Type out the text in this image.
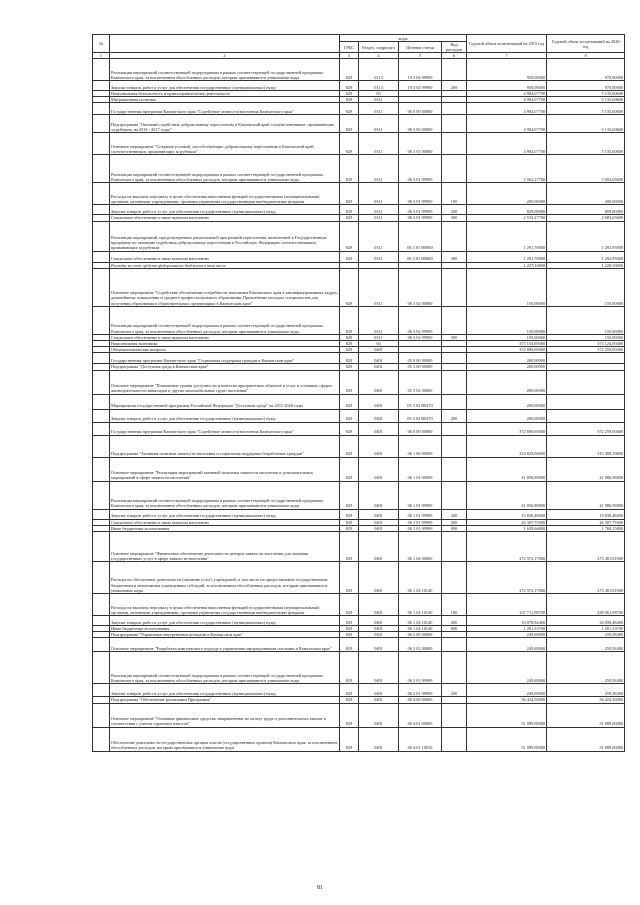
№		коды				Годовой объем ассигнований на 2019 год	Годовой объем ассигнований на 2020 год
		ГРБС	Раздел, подраздел	Целевая статья	Вид расходов		
1	2	3	4	5	6	7	8
	Реализация мероприятий соответствующей подпрограммы в рамках соответствующей государственной программы Камчатского края, за исключением обособленных расходов, которым присваиваются уникальные коды	829	0113	19 3 04 99990		950,00000	970,00000
	Закупка товаров, работ и услуг для обеспечения государственных (муниципальных) нужд	829	0113	19 3 04 99990	200	950,00000	970,00000
	Национальная безопасность и правоохранительная деятельность	829	03			4 984,07700	5 135,60600
	Миграционная политика	829	0311			4 984,07700	5 135,60600
	Государственная программа Камчатского края "Содействие занятости населения Камчатского края"	829	0311	06 0 00 00000		4 984,07700	5 135,60600
	Подпрограмма "Оказание содействия добровольному переселению в Камчатский край соотечественников, проживающих за рубежом, на 2014 - 2017 годы"	829	0311	06 3 00 00000		4 984,07700	5 135,60600
	Основное мероприятие "Создание условий, способствующих добровольному переселению в Камчатский край соотечественников, проживающих за рубежом"	829	0311	06 3 01 00000		4 984,07700	5 135,60600
	Реализация мероприятий соответствующей подпрограммы в рамках соответствующей государственной программы Камчатского края, за исключением обособленных расходов, которым присваиваются уникальные коды	829	0311	06 3 01 99990		3 562,27700	3 692,65600
	Расходы на выплаты персоналу в целях обеспечения выполнения функций государственными (муниципальными) органами, казенными учреждениями, органами управления государственными внебюджетными фондами	829	0311	06 3 01 99990	100	200,00000	200,00000
	Закупка товаров, работ и услуг для обеспечения государственных (муниципальных) нужд	829	0311	06 3 01 99990	200	829,00000	809,00000
	Социальное обеспечение и иные выплаты населению	829	0311	06 3 01 99990	300	2 533,27700	2 683,65600
	Реализация мероприятий, предусмотренных региональной программой переселения, включенной в Государственную программу по оказанию содействия добровольному переселению в Российскую Федерацию соотечественников, проживающих за рубежом	829	0311	06 3 01 R0860		1 291,70000	1 292,95000
	Социальное обеспечение и иные выплаты населению	829	0311	06 3 01 R0860	300	1 291,70000	1 292,95000
	Расходы за счет средств федерального бюджета в том числе					1 227,10000	1 228,30000
	Основное мероприятие "Содействие обеспечению потребности экономики Камчатского края в квалифицированных кадрах, дальнейшему повышению и среднего профессионального образования. Привлечение молодых специалистов для получения образования в образовательных организациях в Камчатском крае"	829	0311	06 3 02 00000		150,00000	150,00000
	Реализация мероприятий соответствующей подпрограммы в рамках соответствующей государственной программы Камчатского края, за исключением обособленных расходов, которым присваиваются уникальные коды	829	0311	06 3 02 99990		150,00000	150,00000
	Социальное обеспечение и иные выплаты населению	829	0311	06 3 02 99990	300	150,00000	150,00000
	Национальная экономика	829	04			375 154,69360	373 124,00400
	Общеэкономические вопросы	829	0401			372 889,69360	372 259,00400
	Государственная программа Камчатского края "Социальная поддержка граждан в Камчатском крае"	829	0401	05 0 00 00000		200,00000	
	Подпрограмма "Доступная среда в Камчатском крае"	829	0401	05 3 00 00000		200,00000	
	Основное мероприятие "Повышение уровня доступности и качества приоритетных объектов и услуг в основных сферах жизнедеятельности инвалидов и других маломобильных групп населения"	829	0401	05 3 02 00000		200,00000	
	Мероприятия государственной программы Российской Федерации "Доступная среда" на 2011-2020 годы	829	0401	05 3 02 R0270		200,00000	
	Закупка товаров, работ и услуг для обеспечения государственных (муниципальных) нужд	829	0401	05 3 02 R0270	200	200,00000	
	Государственная программа Камчатского края "Содействие занятости населения Камчатского края"	829	0401	06 0 00 00000		372 689,69360	372 259,00400
	Подпрограмма "Активная политика занятости населения и социальная поддержка безработных граждан"	829	0401	06 1 00 00000		314 829,06800	315 388,39800
	Основное мероприятие "Реализация мероприятий активной политики занятости населения и дополнительных мероприятий в сфере занятости населения"	829	0401	06 1 01 00000		41 856,89800	41 986,58800
	Реализация мероприятий соответствующей подпрограммы в рамках соответствующей государственной программы Камчатского края, за исключением обособленных расходов, которым присваиваются уникальные коды	829	0401	06 1 01 99990		41 856,89800	41 986,58800
	Закупка товаров, работ и услуг для обеспечения государственных (муниципальных) нужд	829	0401	06 1 01 99990	200	13 830,48000	13 830,48000
	Социальное обеспечение и иные выплаты населению	829	0401	06 1 01 99990	300	26 387,75000	26 387,75000
	Иные бюджетные ассигнования	829	0401	06 1 01 99990	800	1 638,66800	1 768,35800
	Основное мероприятие "Финансовое обеспечение деятельности центров занятости населения для оказания государственных услуг в сфере занятости населения"	829	0401	06 1 04 00000		272 972,17000	273 401,81000
	Расходы на обеспечение деятельности (оказание услуг) учреждений, в том числе на предоставление государственным бюджетным и автономным учреждениям субсидий, за исключением обособленных расходов, которым присваиваются уникальные коды	829	0401	06 1 04 10140		272 972,17000	273 401,81000
	Расходы на выплаты персоналу в целях обеспечения выполнения функций государственными (муниципальными) органами, казенными учреждениями, органами управления государственными внебюджетными фондами	829	0401	06 1 04 10140	100	237 711,98700	238 061,98700
	Закупка товаров, работ и услуг для обеспечения государственных (муниципальных) нужд	829	0401	06 1 04 10140	200	33 978,84400	34 058,48400
	Иные бюджетные ассигнования	829	0401	06 1 04 10140	800	1 281,33700	1 281,33700
	Подпрограмма "Управление внутренними потоками в Камчатском крае"	829	0401	06 2 00 00000		249,69000	259,58400
	Основное мероприятие "Разработка комплексного подхода к управлению миграционными потоками в Камчатском крае"	829	0401	06 2 01 00000		249,69000	259,58400
	Реализация мероприятий соответствующей подпрограммы в рамках соответствующей государственной программы Камчатского края, за исключением обособленных расходов, которым присваиваются уникальные коды	829	0401	06 2 01 99990		249,69000	259,58400
	Закупка товаров, работ и услуг для обеспечения государственных (муниципальных) нужд	829	0401	06 2 01 99990	200	249,69000	259,58400
	Подпрограмма "Обеспечение реализации Программы"	829	0401	06 4 00 00000		56 424,50000	56 424,50000
	Основное мероприятие "Основные финансовые средства, направленные на оплату труда и дополнительных выплат в соответствии с учетом страховых взносов"	829	0401	06 4 01 00000		51 089,00000	51 089,00000
	Обеспечение деятельности государственных органов власти (государственных органов) Камчатского края, за исключением обособленных расходов, которым присваиваются уникальные коды	829	0401	06 4 01 10010		51 089,00000	51 089,00000
81
